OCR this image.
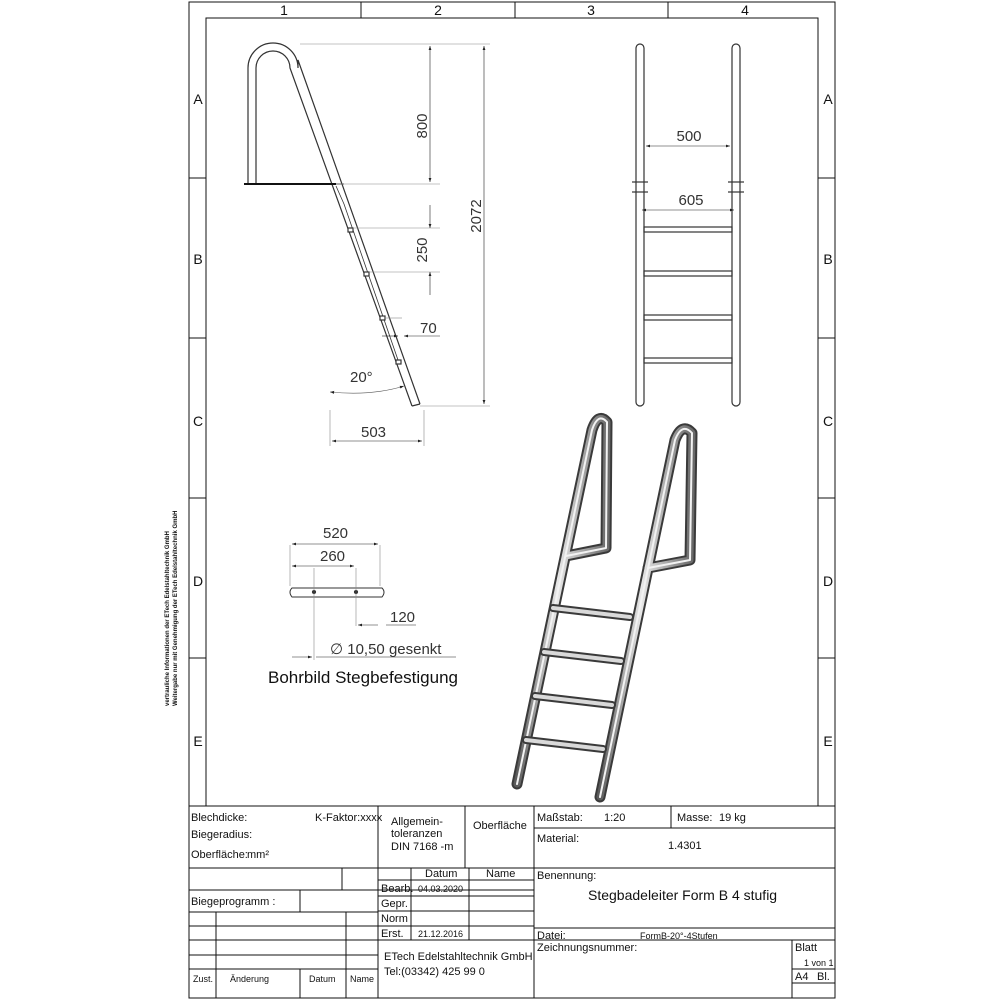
1	2	3	4
A
B
C
D
E
A
B
C
D
E
800
2072
250
70
20°
503
500
605
520
260
120
∅ 10,50 gesenkt
Bohrbild Stegbefestigung
Blechdicke:	K-Faktor:xxxx
Biegeradius:
Oberfläche: mm²
Biegeprogramm :
Allgemein-
toleranzen
DIN 7168 -m
Oberfläche
Maßstab: 1:20	Masse: 19 kg
Material:
1.4301
Datum	Name
Bearb. 04.03.2020
Gepr.
Norm
Erst. 21.12.2016
Benennung:
Stegbadeleiter Form B 4 stufig
Datei:	FormB-20°-4Stufen
Zeichnungsnummer:
ETech Edelstahltechnik GmbH
Tel:(03342) 425 99 0
Blatt
1 von 1
A4 Bl.
Zust. Änderung	Datum Name
vertrauliche Informationen der ETech Edelstahltechnik GmbH Weitergabe nur mit Genehmigung der ETech Edelstahltechnik GmbH
